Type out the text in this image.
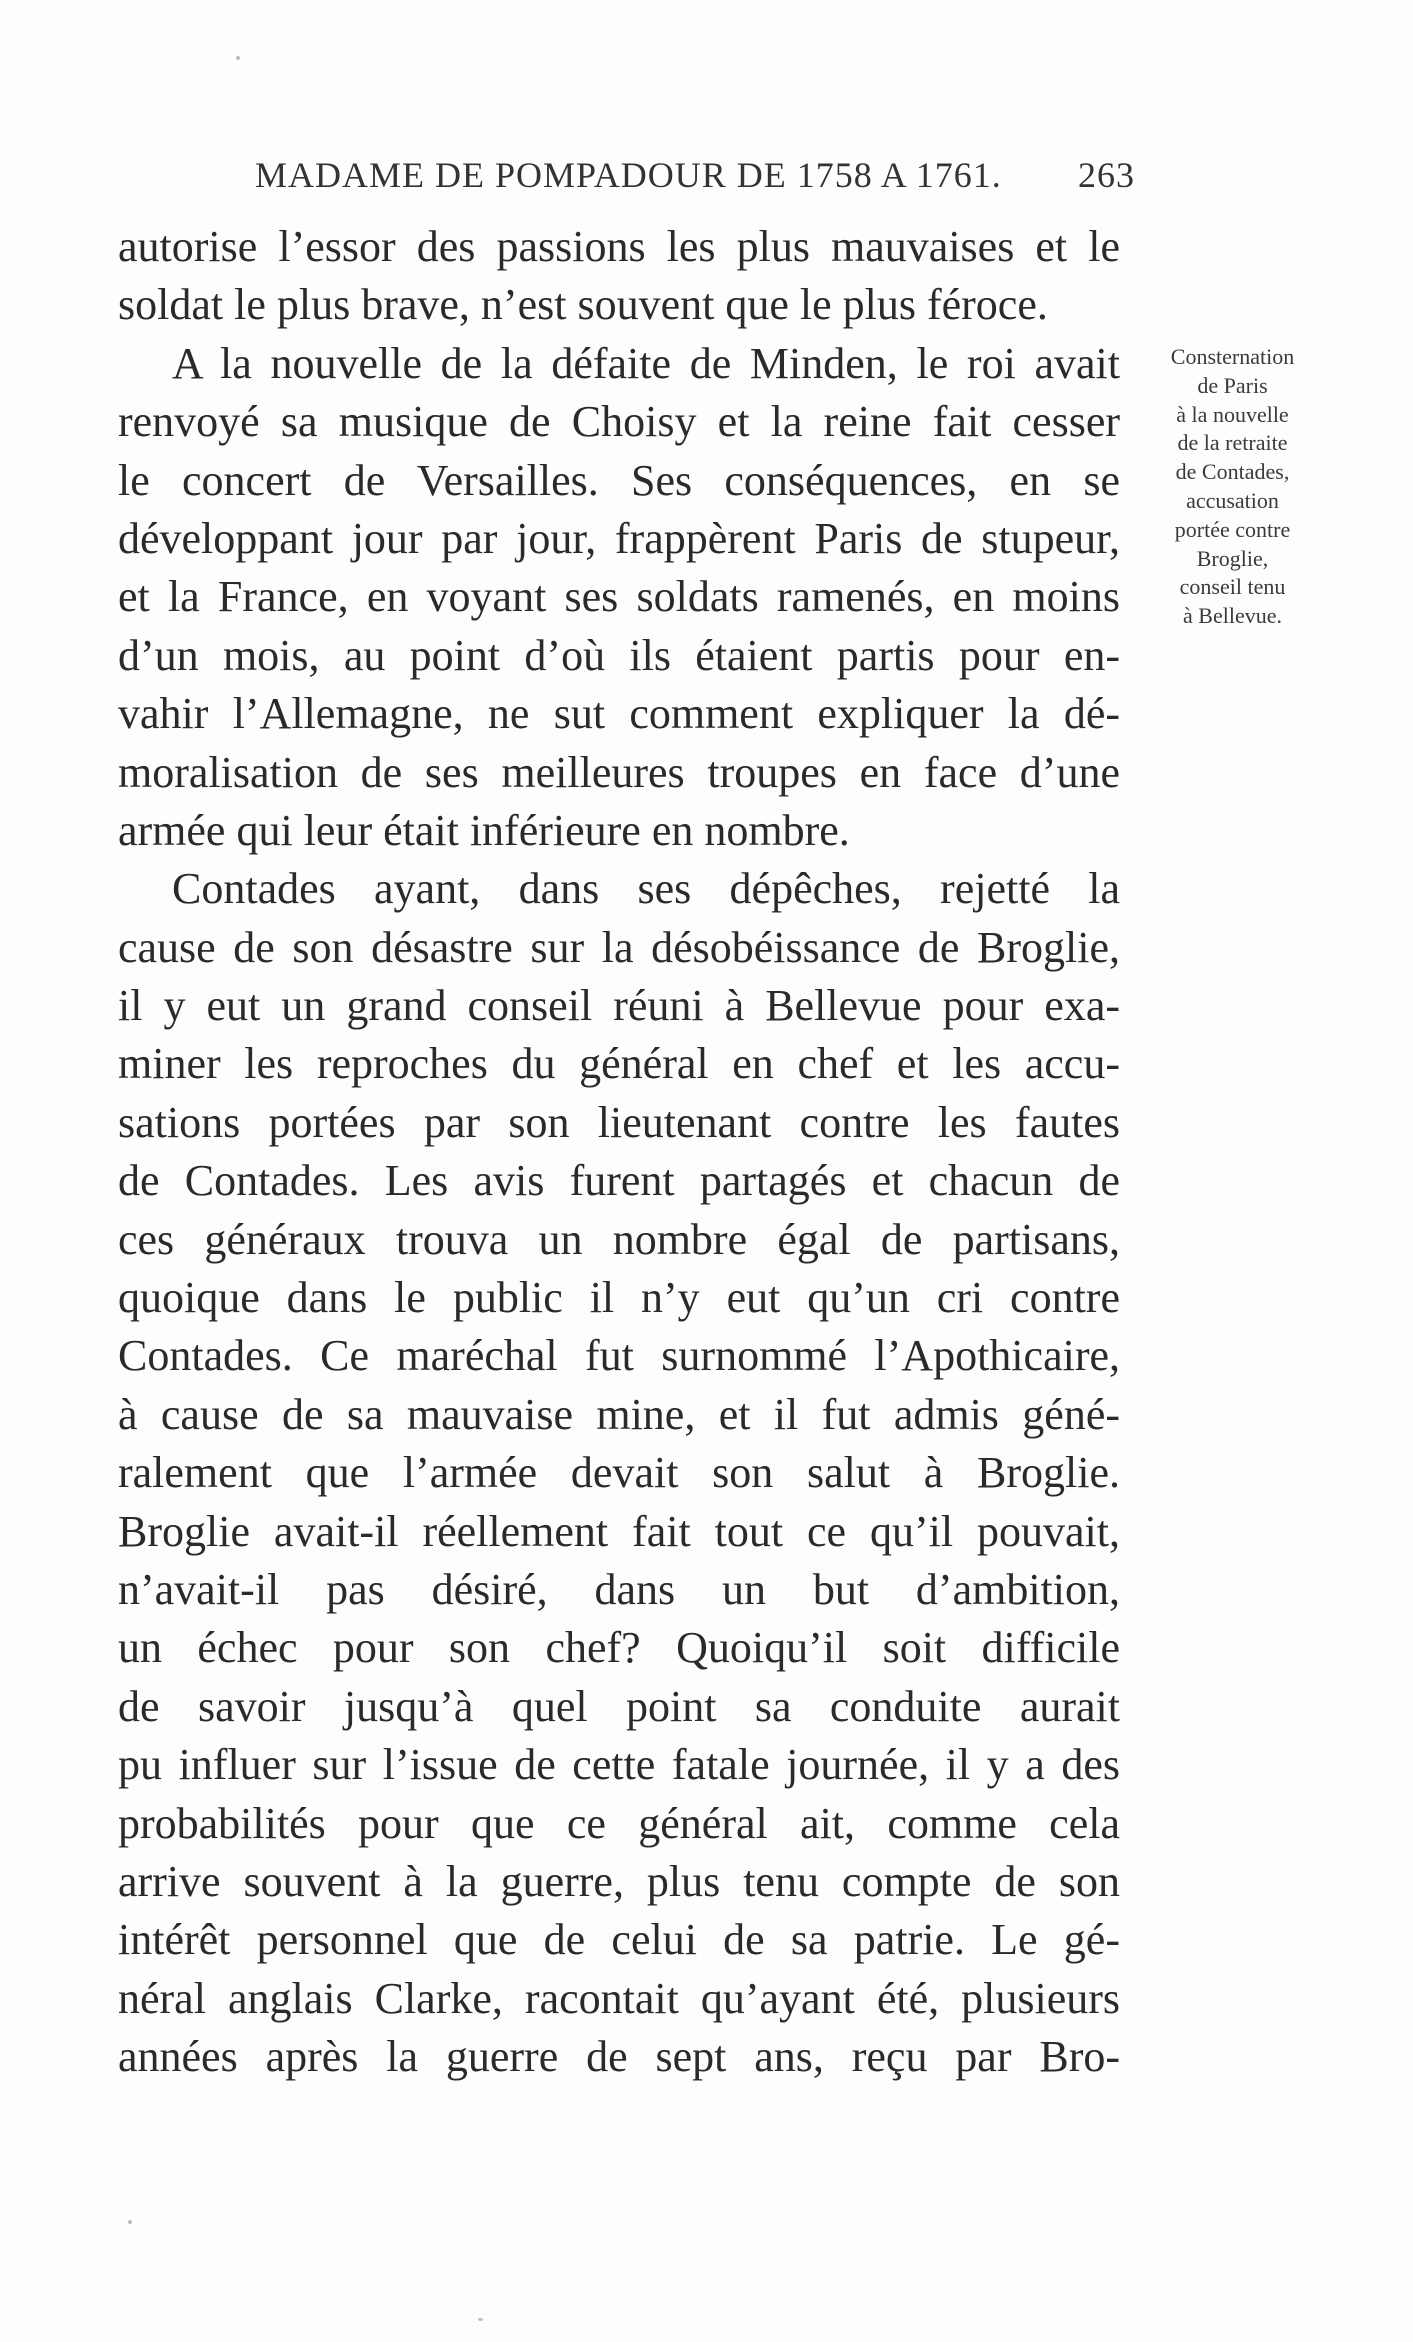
MADAME DE POMPADOUR DE 1758 A 1761. 263
autorise l’essor des passions les plus mauvaises et le
soldat le plus brave, n’est souvent que le plus féroce.
A la nouvelle de la défaite de Minden, le roi avait
renvoyé sa musique de Choisy et la reine fait cesser
le concert de Versailles. Ses conséquences, en se
développant jour par jour, frappèrent Paris de stupeur,
et la France, en voyant ses soldats ramenés, en moins
d’un mois, au point d’où ils étaient partis pour en-
vahir l’Allemagne, ne sut comment expliquer la dé-
moralisation de ses meilleures troupes en face d’une
armée qui leur était inférieure en nombre.
Contades ayant, dans ses dépêches, rejetté la
cause de son désastre sur la désobéissance de Broglie,
il y eut un grand conseil réuni à Bellevue pour exa-
miner les reproches du général en chef et les accu-
sations portées par son lieutenant contre les fautes
de Contades. Les avis furent partagés et chacun de
ces généraux trouva un nombre égal de partisans,
quoique dans le public il n’y eut qu’un cri contre
Contades. Ce maréchal fut surnommé l’Apothicaire,
à cause de sa mauvaise mine, et il fut admis géné-
ralement que l’armée devait son salut à Broglie.
Broglie avait-il réellement fait tout ce qu’il pouvait,
n’avait-il pas désiré, dans un but d’ambition,
un échec pour son chef? Quoiqu’il soit difficile
de savoir jusqu’à quel point sa conduite aurait
pu influer sur l’issue de cette fatale journée, il y a des
probabilités pour que ce général ait, comme cela
arrive souvent à la guerre, plus tenu compte de son
intérêt personnel que de celui de sa patrie. Le gé-
néral anglais Clarke, racontait qu’ayant été, plusieurs
années après la guerre de sept ans, reçu par Bro-
Consternation
de Paris
à la nouvelle
de la retraite
de Contades,
accusation
portée contre
Broglie,
conseil tenu
à Bellevue.
